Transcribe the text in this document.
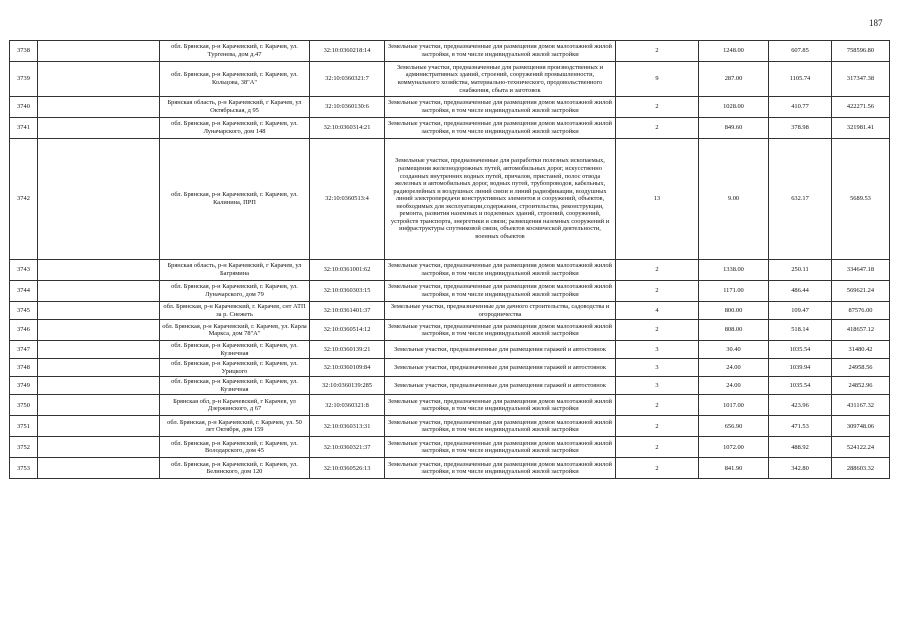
187
3738		обл. Брянская, р-н Карачевский, г. Карачев, ул. Тургенева, дом д.47	32:10:0360218:14	Земельные участки, предназначенные для размещения домов малоэтажной жилой застройки, в том числе индивидуальной жилой застройки	2	1248.00	607.85	758596.80
3739		обл. Брянская, р-н Карачевский, г. Карачев, ул. Кольцова, 38"А"	32:10:0360321:7	Земельные участки, предназначенные для размещения производственных и административных зданий, строений, сооружений промышленности, коммунального хозяйства, материально-технического, продовольственного снабжения, сбыта и заготовок	9	287.00	1105.74	317347.38
3740		Брянская область, р-н Карачевский, г Карачев, ул Октябрьская, д 95	32:10:0360130:6	Земельные участки, предназначенные для размещения домов малоэтажной жилой застройки, в том числе индивидуальной жилой застройки	2	1028.00	410.77	422271.56
3741		обл. Брянская, р-н Карачевский, г. Карачев, ул. Луначарского, дом 148	32:10:0360314:21	Земельные участки, предназначенные для размещения домов малоэтажной жилой застройки, в том числе индивидуальной жилой застройки	2	849.60	378.98	321981.41
3742		обл. Брянская, р-н Карачевский, г. Карачев, ул. Калинина, ПРП	32:10:0360513:4	Земельные участки, предназначенные для разработки полезных ископаемых, размещения железнодорожных путей, автомобильных дорог, искусственно созданных внутренних водных путей, причалов, пристаней, полос отвода железных и автомобильных дорог, водных путей, трубопроводов, кабельных, радиорелейных и воздушных линий связи и линий радиофикации, воздушных линий электропередачи конструктивных элементов и сооружений, объектов, необходимых для эксплуатации,содержания, строительства, реконструкции, ремонта, развития наземных и подземных зданий, строений, сооружений, устройств транспорта, энергетики и связи; размещения наземных сооружений и инфраструктуры спутниковой связи, объектов космической деятельности, военных объектов	13	9.00	632.17	5689.53
3743		Брянская область, р-н Карачевский, г Карачев, ул Багрямина	32:10:0361001:62	Земельные участки, предназначенные для размещения домов малоэтажной жилой застройки, в том числе индивидуальной жилой застройки	2	1338.00	250.11	334647.18
3744		обл. Брянская, р-н Карачевский, г. Карачев, ул. Луначарского, дом 79	32:10:0360303:15	Земельные участки, предназначенные для размещения домов малоэтажной жилой застройки, в том числе индивидуальной жилой застройки	2	1171.00	486.44	569621.24
3745		обл. Брянская, р-н Карачевский, г. Карачев, снт АТП за р. Снежеть	32:10:0361401:37	Земельные участки, предназначенные для дачного строительства, садоводства и огородничества	4	800.00	109.47	87576.00
3746		обл. Брянская, р-н Карачевский, г. Карачев, ул. Карла Маркса, дом 78"А"	32:10:0360514:12	Земельные участки, предназначенные для размещения домов малоэтажной жилой застройки, в том числе индивидуальной жилой застройки	2	808.00	518.14	418657.12
3747		обл. Брянская, р-н Карачевский, г. Карачев, ул. Кузнечная	32:10:0360139:21	Земельные участки, предназначенные для размещения гаражей и автостоянок	3	30.40	1035.54	31480.42
3748		обл. Брянская, р-н Карачевский, г. Карачев, ул. Урицкого	32:10:0360109:84	Земельные участки, предназначенные для размещения гаражей и автостоянок	3	24.00	1039.94	24958.56
3749		обл. Брянская, р-н Карачевский, г. Карачев, ул. Кузнечная	32:10:0360139:285	Земельные участки, предназначенные для размещения гаражей и автостоянок	3	24.00	1035.54	24852.96
3750		Брянская обл, р-н Карачевский, г Карачев, ул Дзержинского, д 67	32:10:0360321:8	Земельные участки, предназначенные для размещения домов малоэтажной жилой застройки, в том числе индивидуальной жилой застройки	2	1017.00	423.96	431167.32
3751		обл. Брянская, р-н Карачевский, г. Карачев, ул. 50 лет Октября, дом 159	32:10:0360313:31	Земельные участки, предназначенные для размещения домов малоэтажной жилой застройки, в том числе индивидуальной жилой застройки	2	656.90	471.53	309748.06
3752		обл. Брянская, р-н Карачевский, г. Карачев, ул. Володарского, дом 45	32:10:0360321:37	Земельные участки, предназначенные для размещения домов малоэтажной жилой застройки, в том числе индивидуальной жилой застройки	2	1072.00	488.92	524122.24
3753		обл. Брянская, р-н Карачевский, г. Карачев, ул. Белинского, дом 120	32:10:0360526:13	Земельные участки, предназначенные для размещения домов малоэтажной жилой застройки, в том числе индивидуальной жилой застройки	2	841.90	342.80	288603.32
